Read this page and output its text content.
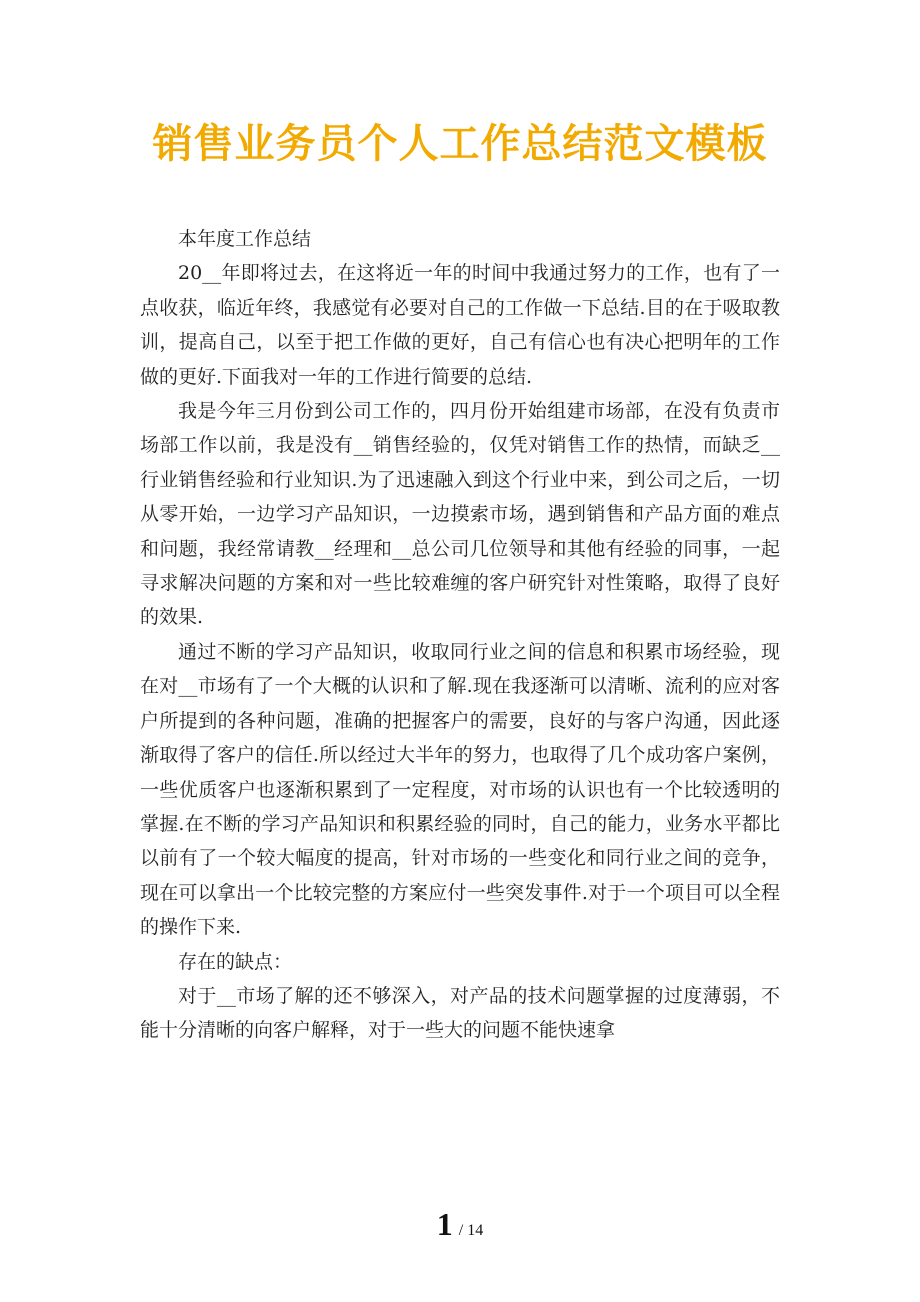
销售业务员个人工作总结范文模板

本年度工作总结

20__年即将过去，在这将近一年的时间中我通过努力的工作，也有了一点收获，临近年终，我感觉有必要对自己的工作做一下总结.目的在于吸取教训，提高自己，以至于把工作做的更好，自己有信心也有决心把明年的工作做的更好.下面我对一年的工作进行简要的总结.

我是今年三月份到公司工作的，四月份开始组建市场部，在没有负责市场部工作以前，我是没有__销售经验的，仅凭对销售工作的热情，而缺乏__行业销售经验和行业知识.为了迅速融入到这个行业中来，到公司之后，一切从零开始，一边学习产品知识，一边摸索市场，遇到销售和产品方面的难点和问题，我经常请教__经理和__总公司几位领导和其他有经验的同事，一起寻求解决问题的方案和对一些比较难缠的客户研究针对性策略，取得了良好的效果.

通过不断的学习产品知识，收取同行业之间的信息和积累市场经验，现在对__市场有了一个大概的认识和了解.现在我逐渐可以清晰、流利的应对客户所提到的各种问题，准确的把握客户的需要，良好的与客户沟通，因此逐渐取得了客户的信任.所以经过大半年的努力，也取得了几个成功客户案例，一些优质客户也逐渐积累到了一定程度，对市场的认识也有一个比较透明的掌握.在不断的学习产品知识和积累经验的同时，自己的能力，业务水平都比以前有了一个较大幅度的提高，针对市场的一些变化和同行业之间的竞争，现在可以拿出一个比较完整的方案应付一些突发事件.对于一个项目可以全程的操作下来.

存在的缺点：

对于__市场了解的还不够深入，对产品的技术问题掌握的过度薄弱，不能十分清晰的向客户解释，对于一些大的问题不能快速拿

1 / 14
